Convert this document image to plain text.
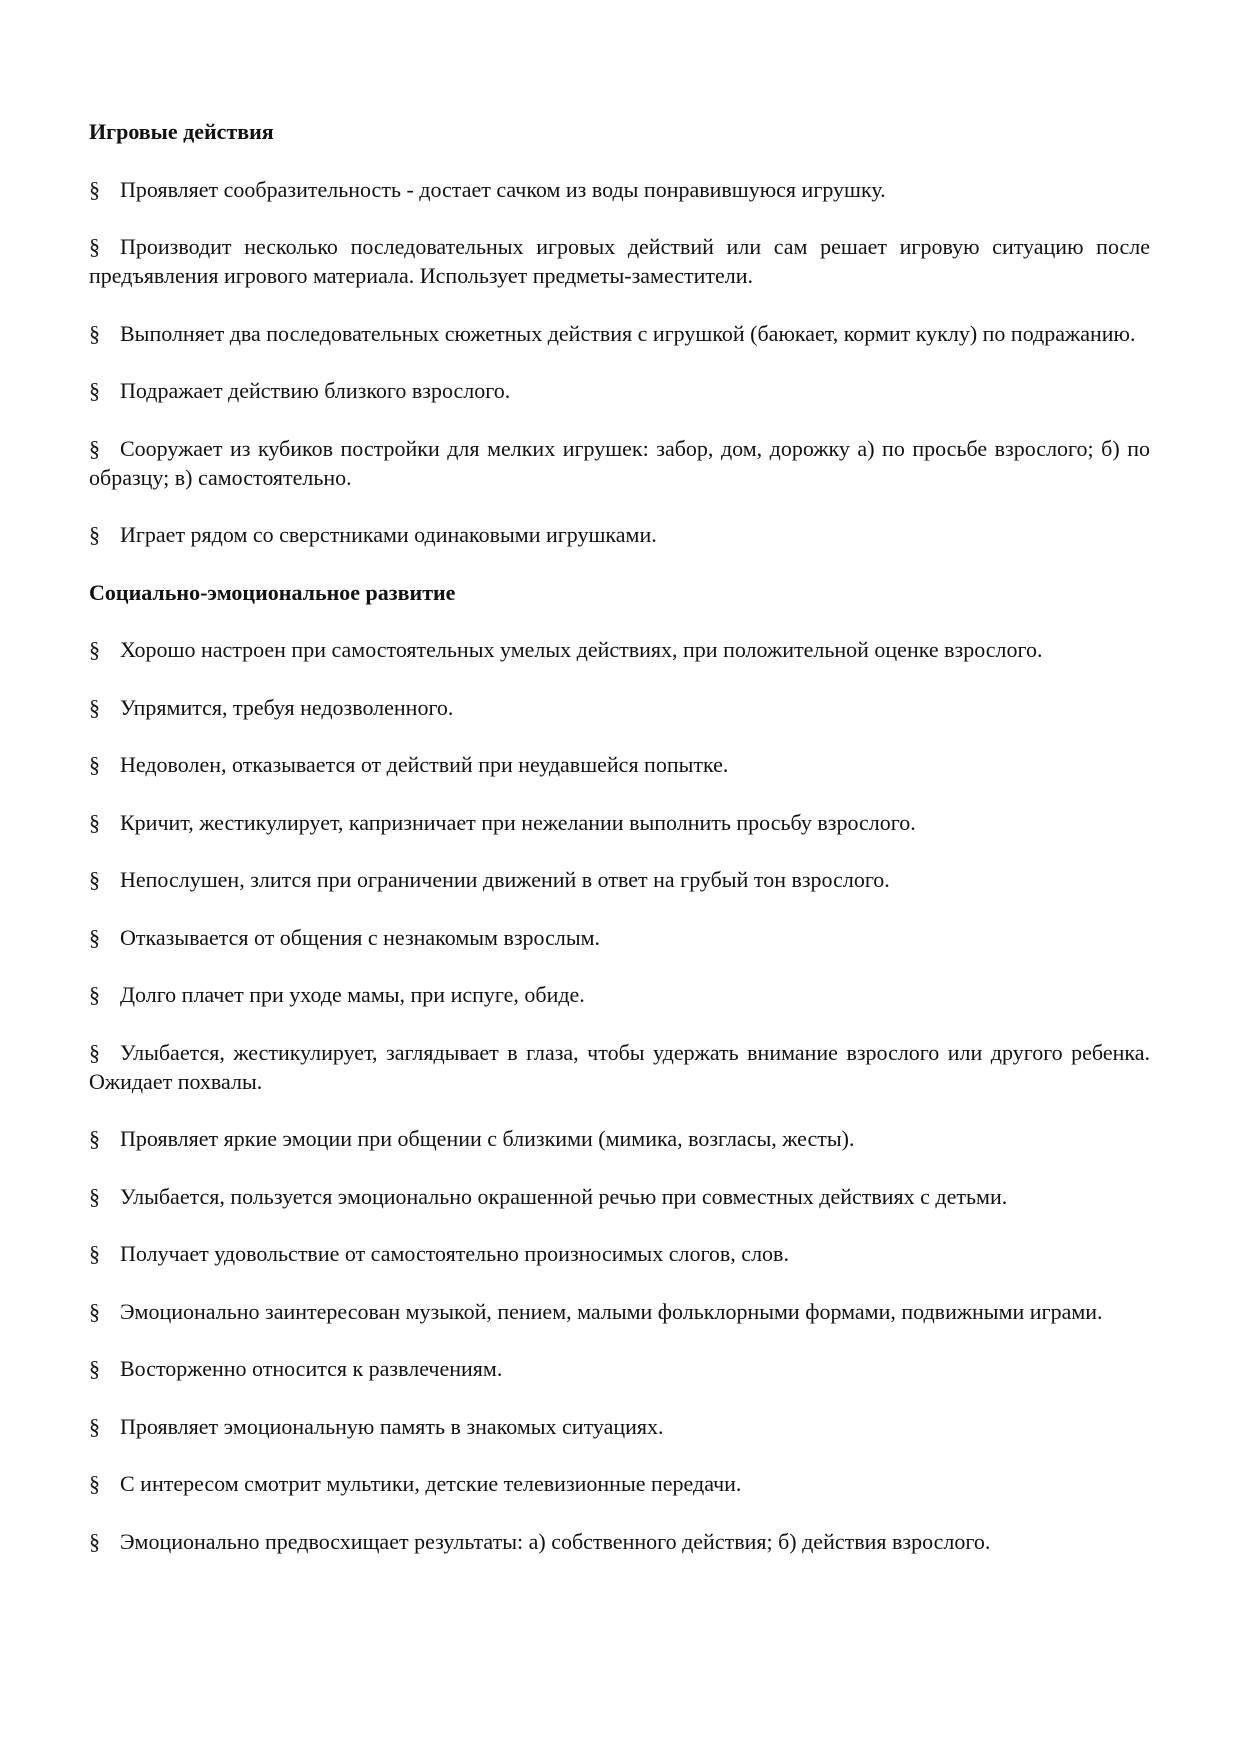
Игровые действия
§ Проявляет сообразительность - достает сачком из воды понравившуюся игрушку.
§ Производит несколько последовательных игровых действий или сам решает игровую ситуацию после предъявления игрового материала. Использует предметы-заместители.
§ Выполняет два последовательных сюжетных действия с игрушкой (баюкает, кормит куклу) по подражанию.
§ Подражает действию близкого взрослого.
§ Сооружает из кубиков постройки для мелких игрушек: забор, дом, дорожку а) по просьбе взрослого; б) по образцу; в) самостоятельно.
§ Играет рядом со сверстниками одинаковыми игрушками.
Социально-эмоциональное развитие
§ Хорошо настроен при самостоятельных умелых действиях, при положительной оценке взрослого.
§ Упрямится, требуя недозволенного.
§ Недоволен, отказывается от действий при неудавшейся попытке.
§ Кричит, жестикулирует, капризничает при нежелании выполнить просьбу взрослого.
§ Непослушен, злится при ограничении движений в ответ на грубый тон взрослого.
§ Отказывается от общения с незнакомым взрослым.
§ Долго плачет при уходе мамы, при испуге, обиде.
§ Улыбается, жестикулирует, заглядывает в глаза, чтобы удержать внимание взрослого или другого ребенка. Ожидает похвалы.
§ Проявляет яркие эмоции при общении с близкими (мимика, возгласы, жесты).
§ Улыбается, пользуется эмоционально окрашенной речью при совместных действиях с детьми.
§ Получает удовольствие от самостоятельно произносимых слогов, слов.
§ Эмоционально заинтересован музыкой, пением, малыми фольклорными формами, подвижными играми.
§ Восторженно относится к развлечениям.
§ Проявляет эмоциональную память в знакомых ситуациях.
§ С интересом смотрит мультики, детские телевизионные передачи.
§ Эмоционально предвосхищает результаты: а) собственного действия; б) действия взрослого.
